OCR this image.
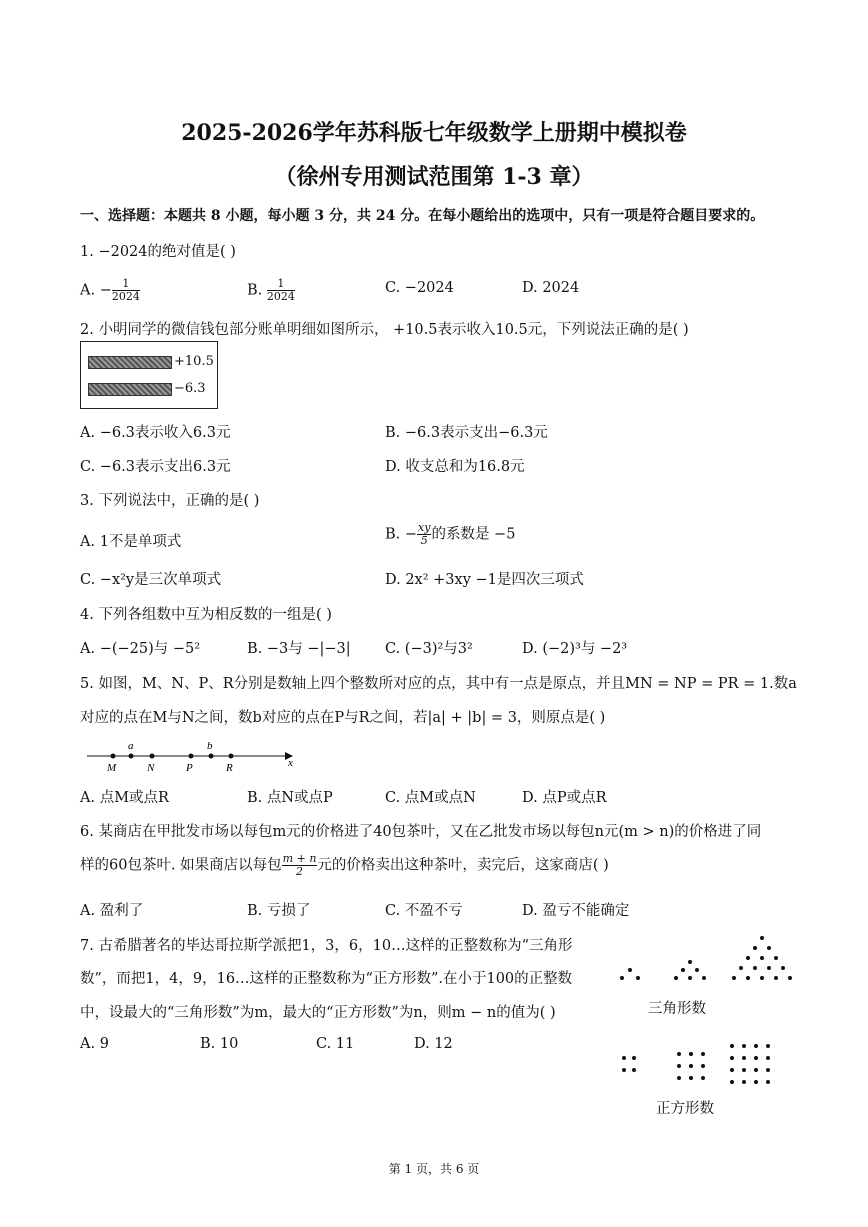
2025-2026学年苏科版七年级数学上册期中模拟卷
（徐州专用测试范围第 1-3 章）
一、选择题：本题共 8 小题，每小题 3 分，共 24 分。在每小题给出的选项中，只有一项是符合题目要求的。
1. −2024的绝对值是( )
A. − $\frac{1}{2024}$	B. $\frac{1}{2024}$	C. −2024	D. 2024
2. 小明同学的微信钱包部分账单明细如图所示， +10.5表示收入10.5元，下列说法正确的是( )
+10.5
−6.3
A. −6.3表示收入6.3元	B. −6.3表示支出−6.3元
C. −6.3表示支出6.3元	D. 收支总和为16.8元
3. 下列说法中，正确的是( )
A. 1不是单项式	B. − $\frac{xy}{5}$ 的系数是 −5
C. −x²y是三次单项式	D. 2x² +3xy −1是四次三项式
4. 下列各组数中互为相反数的一组是( )
A. −(−25)与 −5²	B. −3与 −|−3| C. (−3)²与3²	D. (−2)³与 −2³
5. 如图，M、N、P、R分别是数轴上四个整数所对应的点，其中有一点是原点，并且MN = NP = PR = 1.数a
对应的点在M与N之间，数b对应的点在P与R之间，若|a| + |b| = 3，则原点是( )
a	b
M	N	P	R	x
A. 点M或点R	B. 点N或点P	C. 点M或点N	D. 点P或点R
6. 某商店在甲批发市场以每包m元的价格进了40包茶叶，又在乙批发市场以每包n元(m > n)的价格进了同
样的60包茶叶. 如果商店以每包 $\frac{m + n}{2}$ 元的价格卖出这种茶叶，卖完后，这家商店( )
A. 盈利了	B. 亏损了	C. 不盈不亏	D. 盈亏不能确定
7. 古希腊著名的毕达哥拉斯学派把1，3，6，10…这样的正整数称为“三角形
数”，而把1，4，9，16…这样的正整数称为“正方形数”.在小于100的正整数
中，设最大的“三角形数”为m，最大的“正方形数”为n，则m − n的值为( )
A. 9	B. 10	C. 11	D. 12
三角形数
正方形数
第 1 页，共 6 页
